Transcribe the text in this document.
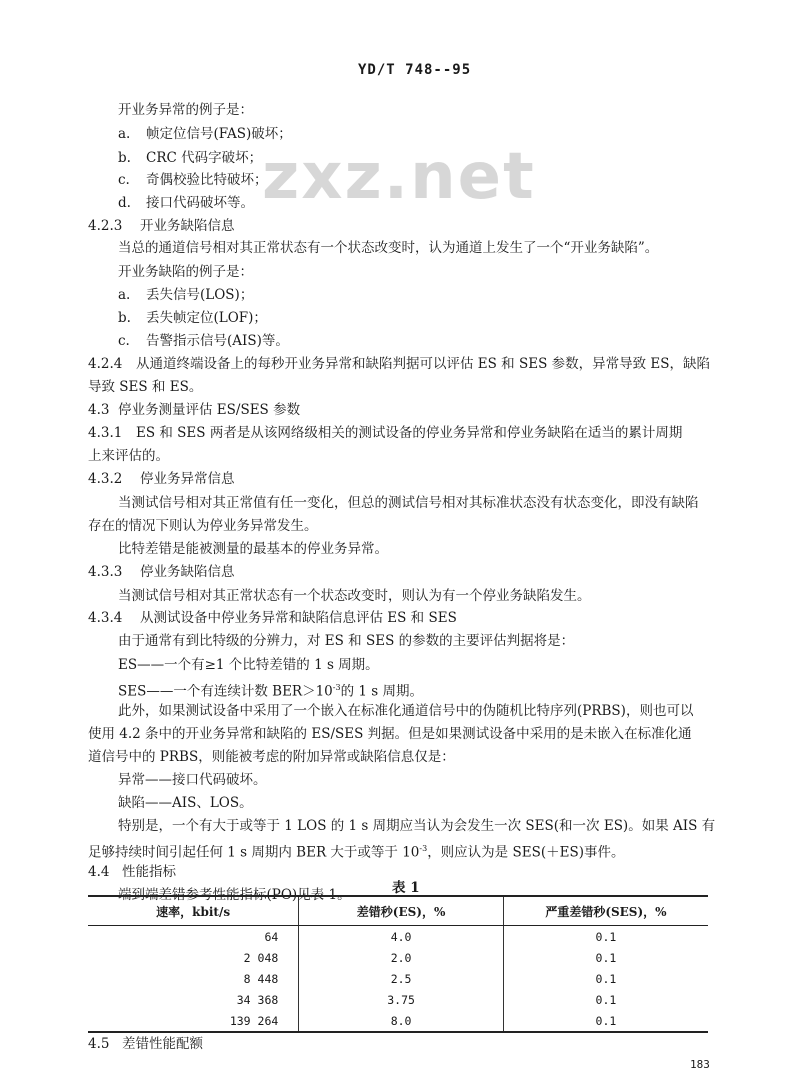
YD/T 748--95
zxz.net
开业务异常的例子是：
a. 帧定位信号(FAS)破坏；
b. CRC 代码字破坏；
c. 奇偶校验比特破坏；
d. 接口代码破坏等。
4.2.3 开业务缺陷信息
当总的通道信号相对其正常状态有一个状态改变时，认为通道上发生了一个“开业务缺陷”。
开业务缺陷的例子是：
a. 丢失信号(LOS)；
b. 丢失帧定位(LOF)；
c. 告警指示信号(AIS)等。
4.2.4 从通道终端设备上的每秒开业务异常和缺陷判据可以评估 ES 和 SES 参数，异常导致 ES，缺陷
导致 SES 和 ES。
4.3 停业务测量评估 ES/SES 参数
4.3.1 ES 和 SES 两者是从该网络级相关的测试设备的停业务异常和停业务缺陷在适当的累计周期
上来评估的。
4.3.2 停业务异常信息
当测试信号相对其正常值有任一变化，但总的测试信号相对其标准状态没有状态变化，即没有缺陷
存在的情况下则认为停业务异常发生。
比特差错是能被测量的最基本的停业务异常。
4.3.3 停业务缺陷信息
当测试信号相对其正常状态有一个状态改变时，则认为有一个停业务缺陷发生。
4.3.4 从测试设备中停业务异常和缺陷信息评估 ES 和 SES
由于通常有到比特级的分辨力，对 ES 和 SES 的参数的主要评估判据将是：
ES——一个有≥1 个比特差错的 1 s 周期。
SES——一个有连续计数 $BER>10^{-3}$的 1 s 周期。
此外，如果测试设备中采用了一个嵌入在标准化通道信号中的伪随机比特序列(PRBS)，则也可以
使用 4.2 条中的开业务异常和缺陷的 ES/SES 判据。但是如果测试设备中采用的是未嵌入在标准化通
道信号中的 PRBS，则能被考虑的附加异常或缺陷信息仅是：
异常——接口代码破坏。
缺陷——AIS、LOS。
特别是，一个有大于或等于 1 LOS 的 1 s 周期应当认为会发生一次 SES(和一次 ES)。如果 AIS 有
足够持续时间引起任何 1 s 周期内 BER 大于或等于 $10^{-3}$，则应认为是 SES(＋ES)事件。
4.4 性能指标
端到端差错参考性能指标(PO)见表 1。	表 1
速率，kbit/s	差错秒(ES)，%	严重差错秒(SES)，%
64	4.0	0.1
2 048	2.0	0.1
8 448	2.5	0.1
34 368	3.75	0.1
139 264	8.0	0.1
4.5 差错性能配额
183
